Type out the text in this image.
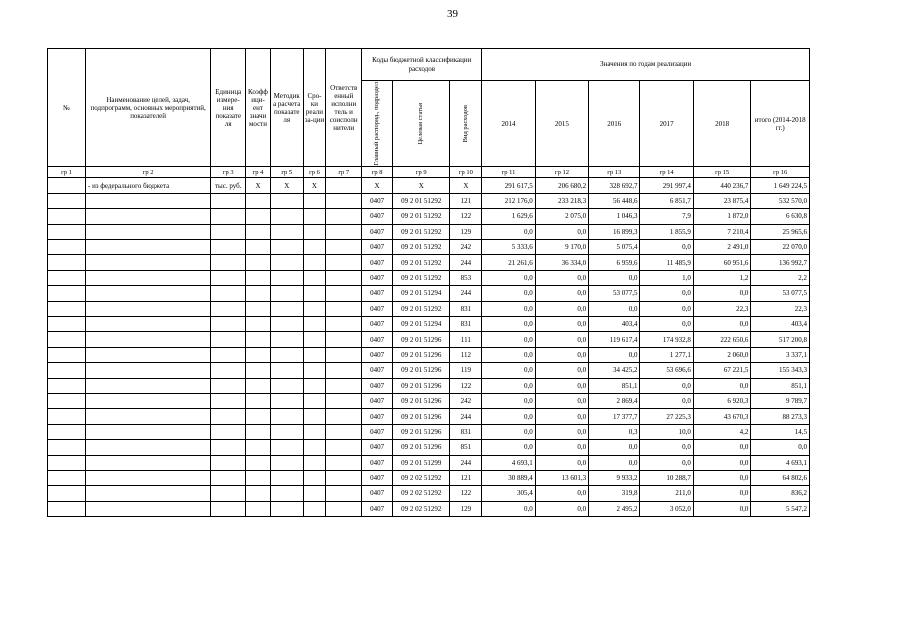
39
№	Наименование целей, задач, подпрограмм, основных мероприятий, показателей	Единица измере-ния показате ля	Коэфф ици-ент значи мости	Методик а расчета показате ля	Сро-ки реали за-ции	Ответств енный исполни тель и соисполн нители	Коды бюджетной классификации расходов			Значения по годам реализации					

							Главный распоряд., подраздел	Целевая статья	Вид расходов	2014	2015	2016	2017	2018	итого (2014-2018 гг.)
гр 1	гр 2	гр 3	гр 4	гр 5	гр 6	гр 7	гр 8	гр 9	гр 10	гр 11	гр 12	гр 13	гр 14	гр 15	гр 16
	- из федерального бюджета	тыс. руб.	Х	Х	Х		Х	Х	Х	291 617,5	206 680,2	328 692,7	291 997,4	440 236,7	1 649 224,5
							0407	09 2 01 51292	121	212 176,0	233 218,3	56 448,6	6 851,7	23 875,4	532 570,0
							0407	09 2 01 51292	122	1 629,6	2 075,0	1 046,3	7,9	1 872,0	6 630,8
							0407	09 2 01 51292	129	0,0	0,0	16 899,3	1 855,9	7 210,4	25 965,6
							0407	09 2 01 51292	242	5 333,6	9 170,0	5 075,4	0,0	2 491,0	22 070,0
							0407	09 2 01 51292	244	21 261,6	36 334,0	6 959,6	11 485,9	60 951,6	136 992,7
							0407	09 2 01 51292	853	0,0	0,0	0,0	1,0	1,2	2,2
							0407	09 2 01 51294	244	0,0	0,0	53 077,5	0,0	0,0	53 077,5
							0407	09 2 01 51292	831	0,0	0,0	0,0	0,0	22,3	22,3
							0407	09 2 01 51294	831	0,0	0,0	403,4	0,0	0,0	403,4
							0407	09 2 01 51296	111	0,0	0,0	119 617,4	174 932,8	222 650,6	517 200,8
							0407	09 2 01 51296	112	0,0	0,0	0,0	1 277,1	2 060,0	3 337,1
							0407	09 2 01 51296	119	0,0	0,0	34 425,2	53 696,6	67 221,5	155 343,3
							0407	09 2 01 51296	122	0,0	0,0	851,1	0,0	0,0	851,1
							0407	09 2 01 51296	242	0,0	0,0	2 869,4	0,0	6 920,3	9 789,7
							0407	09 2 01 51296	244	0,0	0,0	17 377,7	27 225,3	43 670,3	88 273,3
							0407	09 2 01 51296	831	0,0	0,0	0,3	10,0	4,2	14,5
							0407	09 2 01 51296	851	0,0	0,0	0,0	0,0	0,0	0,0
							0407	09 2 01 51299	244	4 693,1	0,0	0,0	0,0	0,0	4 693,1
							0407	09 2 02 51292	121	30 889,4	13 601,3	9 933,2	10 288,7	0,0	64 802,6
							0407	09 2 02 51292	122	305,4	0,0	319,8	211,0	0,0	836,2
							0407	09 2 02 51292	129	0,0	0,0	2 495,2	3 052,0	0,0	5 547,2
